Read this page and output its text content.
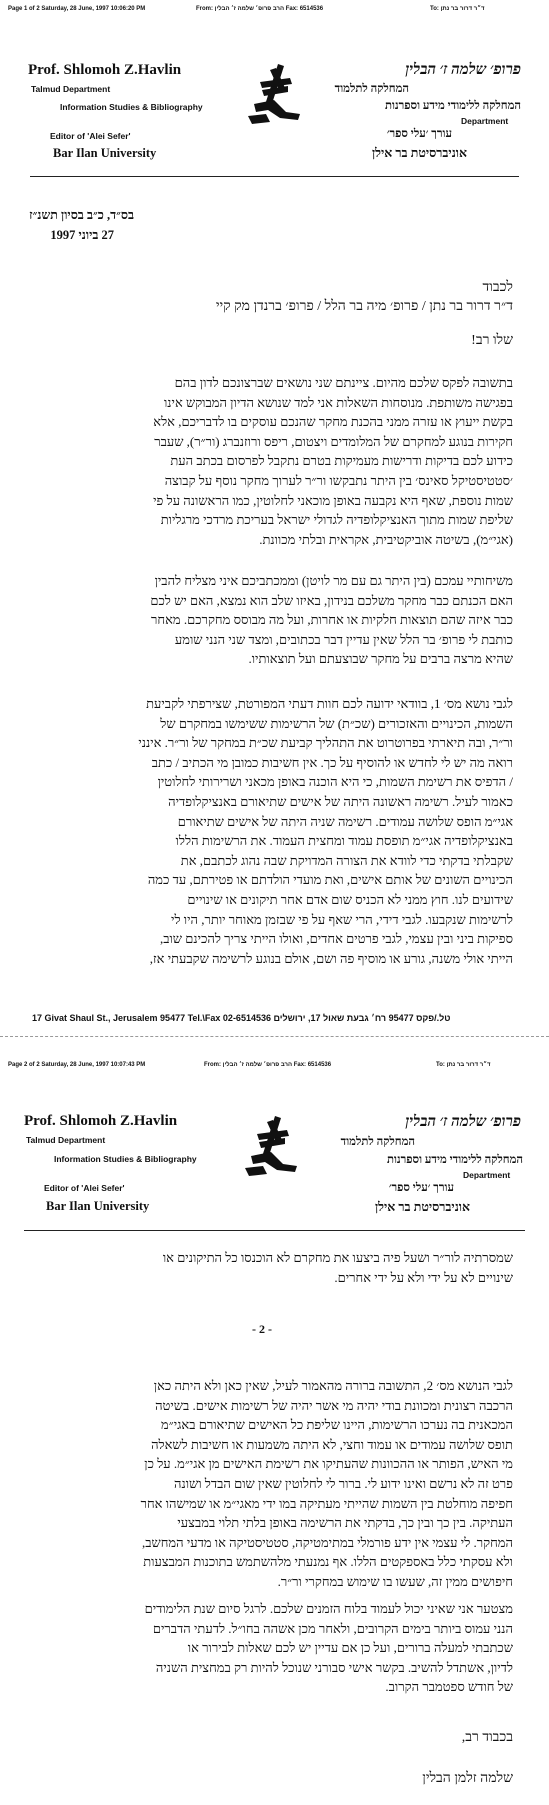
Page 1 of 2 Saturday, 28 June, 1997 10:06:20 PM	From: הרב פרופ׳ שלמה ז׳ הבלין Fax: 6514536	To: ד״ר דרור בר נתן
Prof. Shlomoh Z.Havlin
Talmud Department
Information Studies & Bibliography
Editor of 'Alei Sefer'
Bar Ilan University
פרופ׳ שלמה ז׳ הבלין
המחלקה לתלמוד
המחלקה ללימודי מידע וספרנות
Department
עורך ׳עלי ספר׳
אוניברסיטת בר אילן
בס״ד, כ״ב בסיון תשנ״ז
27 ביוני 1997
לכבוד
ד״ר דרור בר נתן / פרופ׳ מיה בר הלל / פרופ׳ ברנדן מק קיי
שלו רב!
בתשובה לפקס שלכם מהיום. ציינתם שני נושאים שברצונכם לדון בהם
בפגישה משותפת. מנוסחות השאלות אני למד שנושא הדיון המבוקש אינו
בקשת ייעוץ או עזרה ממני בהכנת מחקר שהנכם עוסקים בו לדבריכם, אלא
חקירות בנוגע למחקרם של המלומדים ויצטום, ריפס ורוזנברג (ור״ר), שעבר
כידוע לכם בדיקות ודרישות מעמיקות בטרם נתקבל לפרסום בכתב העת
׳סטטיסטיקל סאינס׳ בין היתר נתבקשו ור״ר לערוך מחקר נוסף על קבוצה
שמות נוספת, שאף היא נקבעה באופן מוכאני לחלוטין, כמו הראשונה על פי
שליפת שמות מתוך האנציקלופדיה לגדולי ישראל בעריכת מרדכי מרגליות
(אגי״מ), בשיטה אוביקטיבית, אקראית ובלתי מכוונת.
משיחותיי עמכם (בין היתר גם עם מר לויטן) וממכתביכם איני מצליח להבין
האם הכנתם כבר מחקר משלכם בנידון, באיזו שלב הוא נמצא, האם יש לכם
כבר איזה שהם תוצאות חלקיות או אחרות, ועל מה מבוסס מחקרכם. מאחר
כותבת לי פרופ׳ בר הלל שאין עדיין דבר בכתובים, ומצד שני הנני שומע
שהיא מרצה ברבים על מחקר שבוצעתם ועל תוצאותיו.
לגבי נושא מס׳ 1, בוודאי ידועה לכם חוות דעתי המפורטת, שצירפתי לקביעת
השמות, הכינויים והאזכורים (שכ״ת) של הרשימות ששימשו במחקרם של
ור״ר, ובה תיארתי בפרוטרוט את התהליך קביעת שכ״ת במחקר של ור״ר. אינני
רואה מה יש לי לחדש או להוסיף על כך. אין חשיבות כמובן מי הכתיב / כתב
/ הדפיס את רשימת השמות, כי היא הוכנה באופן מכאני ושרירותי לחלוטין
כאמור לעיל. רשימה ראשונה היתה של אישים שתיאורם באנציקלופדיה
אגי״מ הופס שלושה עמודים. רשימה שניה היתה של אישים שתיאורם
באנציקלופדיה אגי״מ תופסת עמוד ומחצית העמוד. את הרשימות הללו
שקבלתי בדקתי כדי לוודא את הצורה המדויקת שבה נהוג לכתבם, את
הכינויים השונים של אותם אישים, ואת מועדי הולדתם או פטירתם, עד כמה
שידועים לנו. חוץ ממני לא הכניס שום אדם אחר תיקונים או שינויים
לרשימות שנקבעו. לגבי דידי, הרי שאף על פי שבזמן מאוחר יותר, היו לי
ספיקות ביני ובין עצמי, לגבי פרטים אחדים, ואולו הייתי צריך להכינם שוב,
הייתי אולי משנה, גורע או מוסיף פה ושם, אולם בנוגע לרשימה שקבעתי אז,
17 Givat Shaul St., Jerusalem 95477 Tel.\Fax 02-6514536 טל./פקס 95477 רח׳ גבעת שאול 17, ירושלים
Page 2 of 2 Saturday, 28 June, 1997 10:07:43 PM	From: הרב פרופ׳ שלמה ז׳ הבלין Fax: 6514536	To: ד״ר דרור בר נתן
Prof. Shlomoh Z.Havlin
Talmud Department
Information Studies & Bibliography
Editor of 'Alei Sefer'
Bar Ilan University
פרופ׳ שלמה ז׳ הבלין
המחלקה לתלמוד
המחלקה ללימודי מידע וספרנות
Department
עורך ׳עלי ספר׳
אוניברסיטת בר אילן
שמסרתיה לור״ר ושעל פיה ביצעו את מחקרם לא הוכנסו כל התיקונים או
שינויים לא על ידי ולא על ידי אחרים.
- 2 -
לגבי הנושא מס׳ 2, התשובה ברורה מהאמור לעיל, שאין כאן ולא היתה כאן
הרכבה רצונית ומכוונת בודי יהיה מי אשר יהיה של רשימות אישים. בשיטה
המכאנית בה נערכו הרשימות, היינו שליפת כל האישים שתיאורם באגי״מ
תופס שלושה עמודים או עמוד וחצי, לא היתה משמעות או חשיבות לשאלה
מי האיש, הפותר או ההכוונות שהעתיקו את רשימת האישים מן אגי״מ. על כן
פרט זה לא נרשם ואינו ידוע לי. ברור לי לחלוטין שאין שום הבדל ושונה
חפיפה מוחלטת בין השמות שהייתי מעתיקה במו ידי מאגי״מ או שמישהו אחר
העתיקה. בין כך ובין כך, בדקתי את הרשימה באופן בלתי תלוי במבצעי
המחקר. לי עצמי אין ידע פורמלי במתימטיקה, סטטיסטיקה או מדעי המחשב,
ולא עסקתי כלל באספקטים הללו. אף נמנעתי מלהשתמש בתוכנות המבצעות
חיפושים ממין זה, שעשו בו שימוש במחקרי ור״ר.
מצטער אני שאיני יכול לעמוד בלוח הזמנים שלכם. לרגל סיום שנת הלימודים
הנני עמוס ביותר בימים הקרובים, ולאחר מכן אשהה בחו״ל. לדעתי הדברים
שכתבתי למעלה ברורים, ועל כן אם עדיין יש לכם שאלות לבירור או
לדיון, אשתדל להשיב. בקשר אישי סבורני שנוכל להיות רק במחצית השניה
של חודש ספטמבר הקרוב.
בכבוד רב,
שלמה זלמן הבלין
